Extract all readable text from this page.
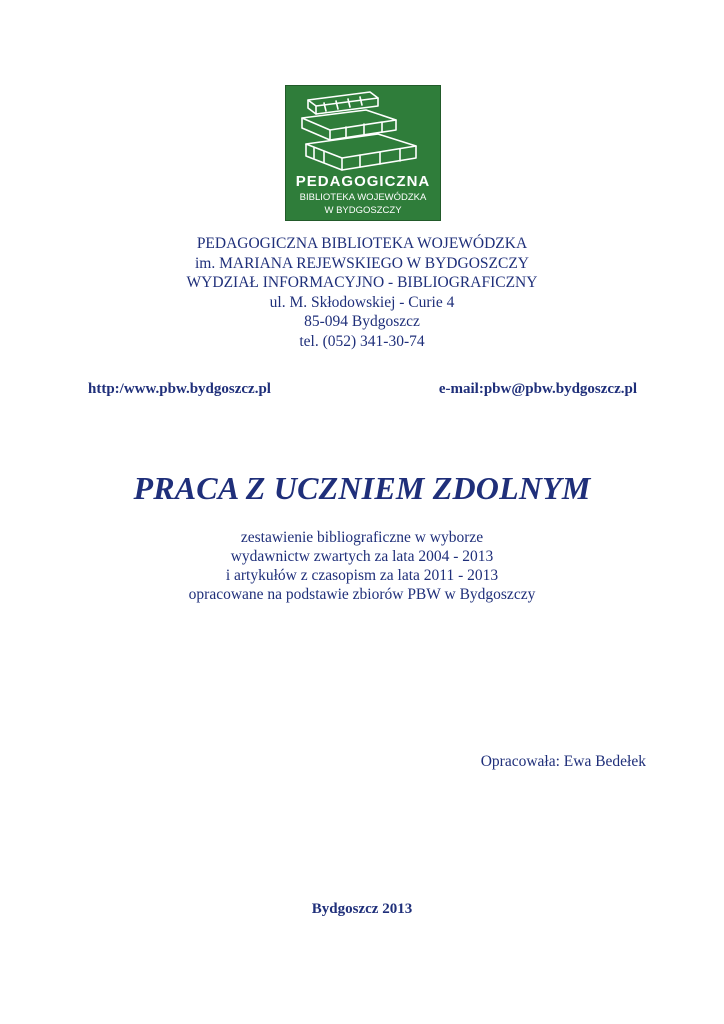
PEDAGOGICZNA
BIBLIOTEKA WOJEWÓDZKA
W BYDGOSZCZY
PEDAGOGICZNA BIBLIOTEKA WOJEWÓDZKA
im. MARIANA REJEWSKIEGO W BYDGOSZCZY
WYDZIAŁ INFORMACYJNO - BIBLIOGRAFICZNY
ul. M. Skłodowskiej - Curie 4
85-094 Bydgoszcz
tel. (052) 341-30-74
http:/www.pbw.bydgoszcz.pl	e-mail:pbw@pbw.bydgoszcz.pl
PRACA Z UCZNIEM ZDOLNYM
zestawienie bibliograficzne w wyborze
wydawnictw zwartych za lata 2004 - 2013
i artykułów z czasopism za lata 2011 - 2013
opracowane na podstawie zbiorów PBW w Bydgoszczy
Opracowała: Ewa Bedełek
Bydgoszcz 2013
